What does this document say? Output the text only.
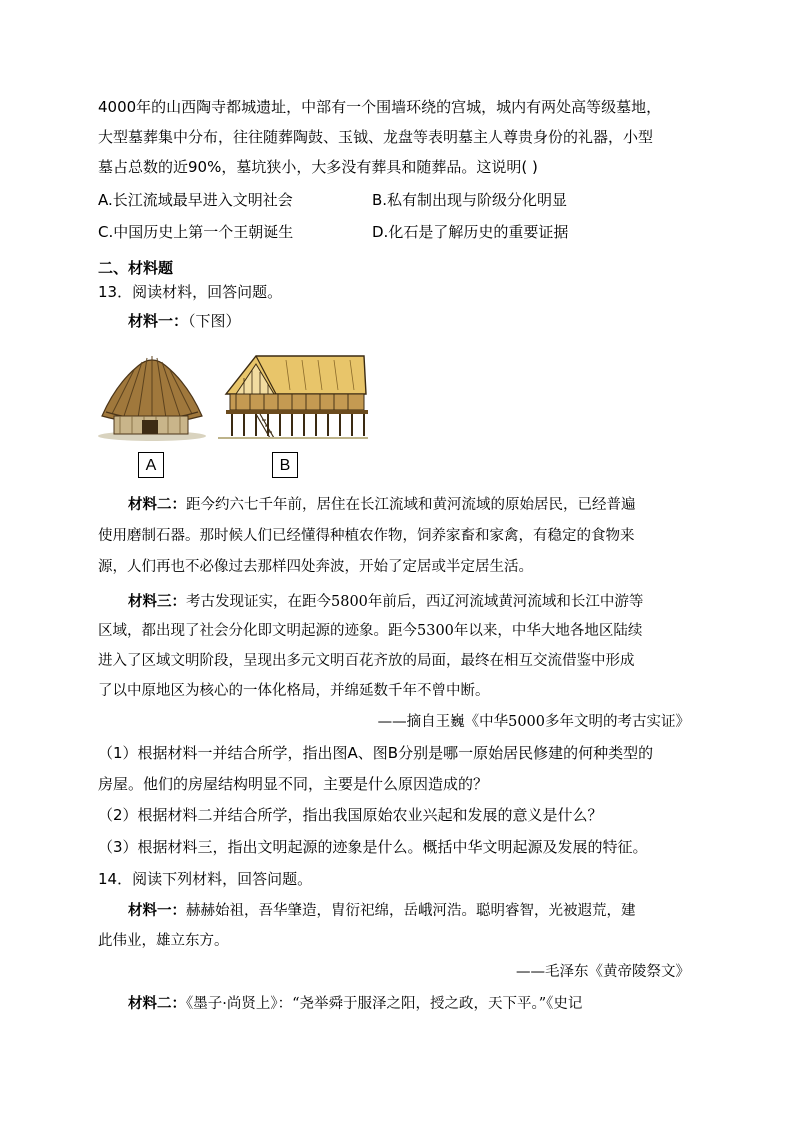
4000年的山西陶寺都城遗址，中部有一个围墙环绕的宫城，城内有两处高等级墓地，
大型墓葬集中分布，往往随葬陶鼓、玉钺、龙盘等表明墓主人尊贵身份的礼器，小型
墓占总数的近90%，墓坑狭小，大多没有葬具和随葬品。这说明( )
A.长江流域最早进入文明社会	B.私有制出现与阶级分化明显
C.中国历史上第一个王朝诞生	D.化石是了解历史的重要证据
二、材料题
13．阅读材料，回答问题。
材料一：（下图）
A	B
材料二：距今约六七千年前，居住在长江流域和黄河流域的原始居民，已经普遍
使用磨制石器。那时候人们已经懂得种植农作物，饲养家畜和家禽，有稳定的食物来
源，人们再也不必像过去那样四处奔波，开始了定居或半定居生活。
材料三：考古发现证实，在距今5800年前后，西辽河流域黄河流域和长江中游等
区域，都出现了社会分化即文明起源的迹象。距今5300年以来，中华大地各地区陆续
进入了区域文明阶段，呈现出多元文明百花齐放的局面，最终在相互交流借鉴中形成
了以中原地区为核心的一体化格局，并绵延数千年不曾中断。
——摘自王巍《中华5000多年文明的考古实证》
（1）根据材料一并结合所学，指出图A、图B分别是哪一原始居民修建的何种类型的
房屋。他们的房屋结构明显不同，主要是什么原因造成的？
（2）根据材料二并结合所学，指出我国原始农业兴起和发展的意义是什么？
（3）根据材料三，指出文明起源的迹象是什么。概括中华文明起源及发展的特征。
14．阅读下列材料，回答问题。
材料一：赫赫始祖，吾华肇造，胄衍祀绵，岳峨河浩。聪明睿智，光被遐荒，建
此伟业，雄立东方。
——毛泽东《黄帝陵祭文》
材料二：《墨子·尚贤上》：“尧举舜于服泽之阳，授之政，天下平。”《史记
